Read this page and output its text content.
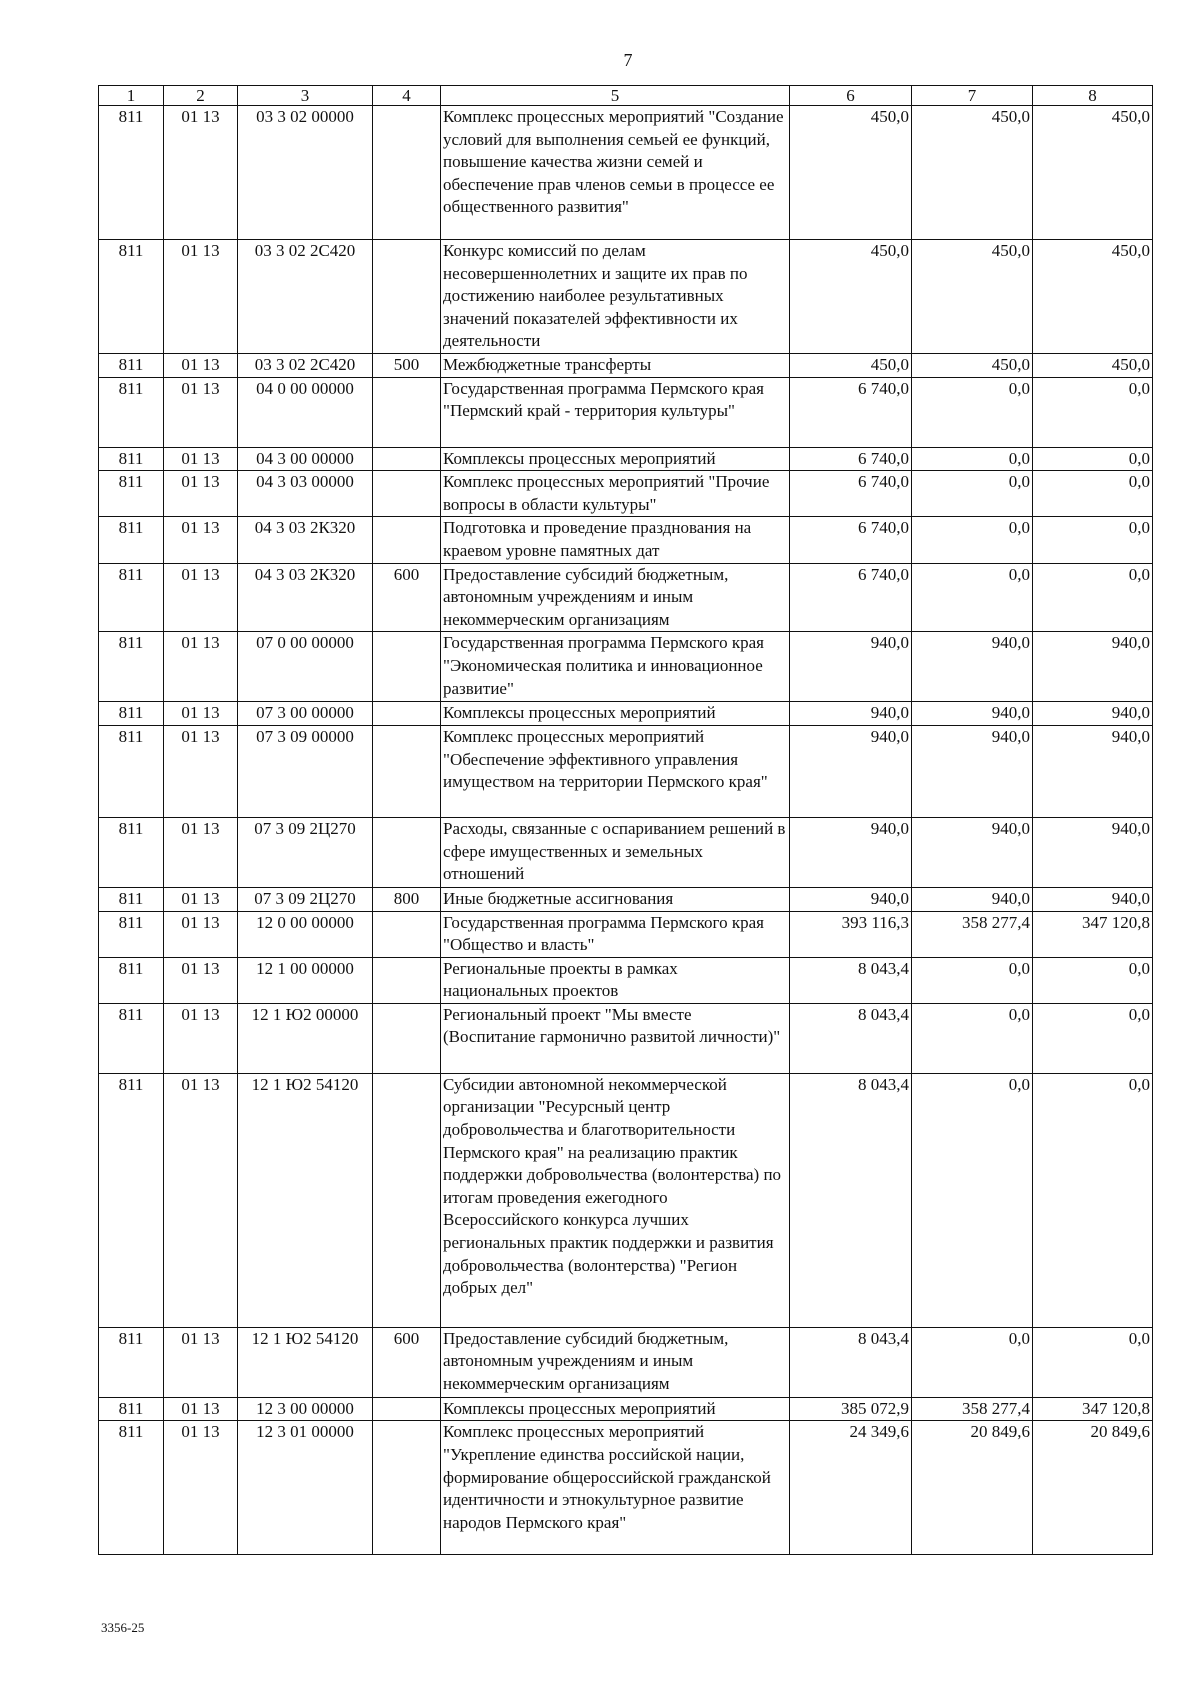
7
1	2	3	4	5	6	7	8
811	01 13	03 3 02 00000		Комплекс процессных мероприятий "Создание условий для выполнения семьей ее функций, повышение качества жизни семей и обеспечение прав членов семьи в процессе ее общественного развития"	450,0	450,0	450,0
811	01 13	03 3 02 2С420		Конкурс комиссий по делам несовершеннолетних и защите их прав по достижению наиболее результативных значений показателей эффективности их деятельности	450,0	450,0	450,0
811	01 13	03 3 02 2С420	500	Межбюджетные трансферты	450,0	450,0	450,0
811	01 13	04 0 00 00000		Государственная программа Пермского края "Пермский край - территория культуры"	6 740,0	0,0	0,0
811	01 13	04 3 00 00000		Комплексы процессных мероприятий	6 740,0	0,0	0,0
811	01 13	04 3 03 00000		Комплекс процессных мероприятий "Прочие вопросы в области культуры"	6 740,0	0,0	0,0
811	01 13	04 3 03 2К320		Подготовка и проведение празднования на краевом уровне памятных дат	6 740,0	0,0	0,0
811	01 13	04 3 03 2К320	600	Предоставление субсидий бюджетным, автономным учреждениям и иным некоммерческим организациям	6 740,0	0,0	0,0
811	01 13	07 0 00 00000		Государственная программа Пермского края "Экономическая политика и инновационное развитие"	940,0	940,0	940,0
811	01 13	07 3 00 00000		Комплексы процессных мероприятий	940,0	940,0	940,0
811	01 13	07 3 09 00000		Комплекс процессных мероприятий "Обеспечение эффективного управления имуществом на территории Пермского края"	940,0	940,0	940,0
811	01 13	07 3 09 2Ц270		Расходы, связанные с оспариванием решений в сфере имущественных и земельных отношений	940,0	940,0	940,0
811	01 13	07 3 09 2Ц270	800	Иные бюджетные ассигнования	940,0	940,0	940,0
811	01 13	12 0 00 00000		Государственная программа Пермского края "Общество и власть"	393 116,3	358 277,4	347 120,8
811	01 13	12 1 00 00000		Региональные проекты в рамках национальных проектов	8 043,4	0,0	0,0
811	01 13	12 1 Ю2 00000		Региональный проект "Мы вместе (Воспитание гармонично развитой личности)"	8 043,4	0,0	0,0
811	01 13	12 1 Ю2 54120		Субсидии автономной некоммерческой организации "Ресурсный центр добровольчества и благотворительности Пермского края" на реализацию практик поддержки добровольчества (волонтерства) по итогам проведения ежегодного Всероссийского конкурса лучших региональных практик поддержки и развития добровольчества (волонтерства) "Регион добрых дел"	8 043,4	0,0	0,0
811	01 13	12 1 Ю2 54120	600	Предоставление субсидий бюджетным, автономным учреждениям и иным некоммерческим организациям	8 043,4	0,0	0,0
811	01 13	12 3 00 00000		Комплексы процессных мероприятий	385 072,9	358 277,4	347 120,8
811	01 13	12 3 01 00000		Комплекс процессных мероприятий "Укрепление единства российской нации, формирование общероссийской гражданской идентичности и этнокультурное развитие народов Пермского края"	24 349,6	20 849,6	20 849,6
3356-25
